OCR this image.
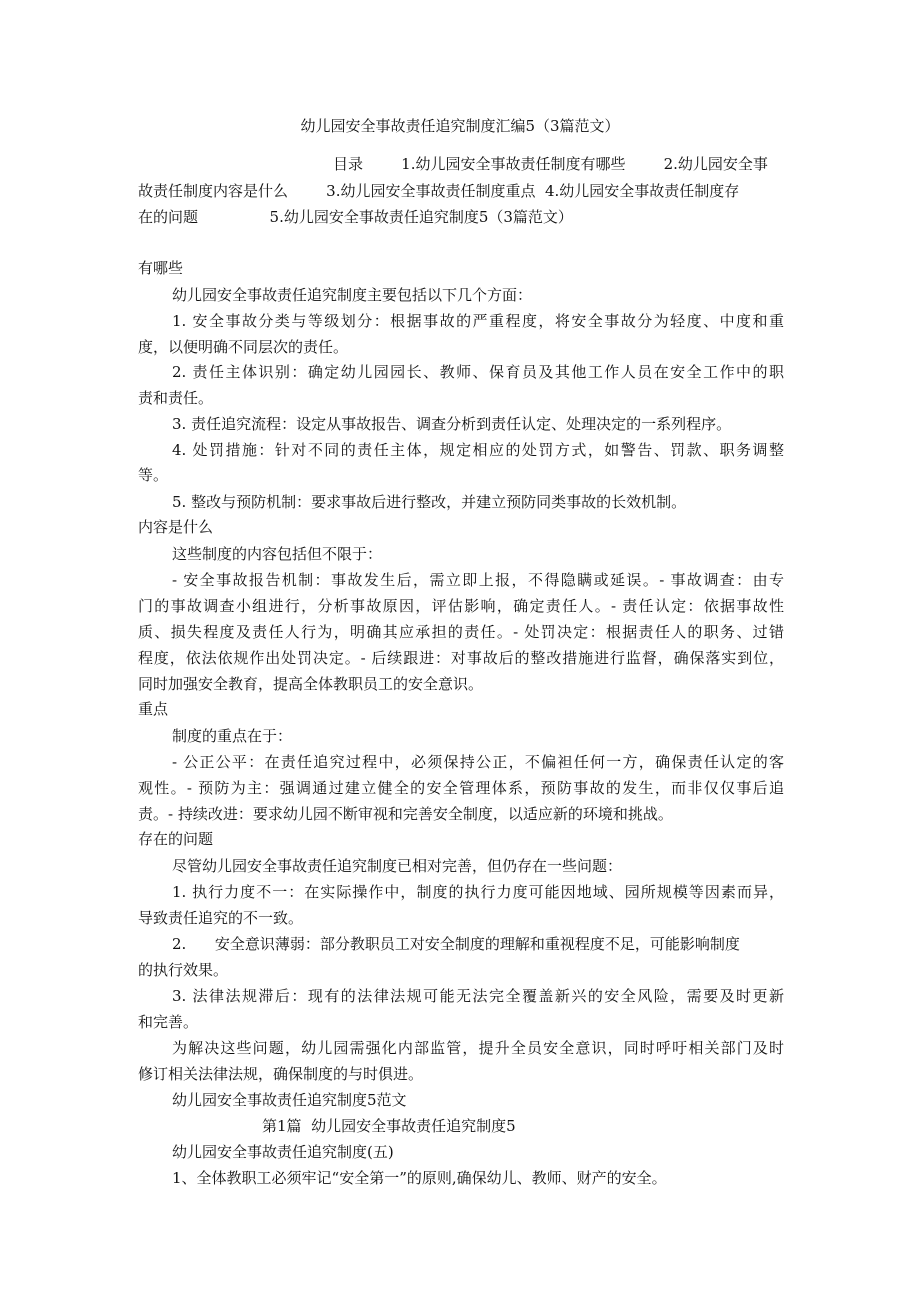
幼儿园安全事故责任追究制度汇编5（3篇范文）
目录        1.幼儿园安全事故责任制度有哪些        2.幼儿园安全事
故责任制度内容是什么        3.幼儿园安全事故责任制度重点  4.幼儿园安全事故责任制度存
在的问题               5.幼儿园安全事故责任追究制度5（3篇范文）
有哪些
幼儿园安全事故责任追究制度主要包括以下几个方面：
1. 安全事故分类与等级划分：根据事故的严重程度，将安全事故分为轻度、中度和重
度，以便明确不同层次的责任。
2. 责任主体识别：确定幼儿园园长、教师、保育员及其他工作人员在安全工作中的职
责和责任。
3. 责任追究流程：设定从事故报告、调查分析到责任认定、处理决定的一系列程序。
4. 处罚措施：针对不同的责任主体，规定相应的处罚方式，如警告、罚款、职务调整
等。
5. 整改与预防机制：要求事故后进行整改，并建立预防同类事故的长效机制。
内容是什么
这些制度的内容包括但不限于：
- 安全事故报告机制：事故发生后，需立即上报，不得隐瞒或延误。- 事故调查：由专
门的事故调查小组进行，分析事故原因，评估影响，确定责任人。- 责任认定：依据事故性
质、损失程度及责任人行为，明确其应承担的责任。- 处罚决定：根据责任人的职务、过错
程度，依法依规作出处罚决定。- 后续跟进：对事故后的整改措施进行监督，确保落实到位，
同时加强安全教育，提高全体教职员工的安全意识。
重点
制度的重点在于：
- 公正公平：在责任追究过程中，必须保持公正，不偏袒任何一方，确保责任认定的客
观性。- 预防为主：强调通过建立健全的安全管理体系，预防事故的发生，而非仅仅事后追
责。- 持续改进：要求幼儿园不断审视和完善安全制度，以适应新的环境和挑战。
存在的问题
尽管幼儿园安全事故责任追究制度已相对完善，但仍存在一些问题：
1. 执行力度不一：在实际操作中，制度的执行力度可能因地域、园所规模等因素而异，
导致责任追究的不一致。
2.      安全意识薄弱：部分教职员工对安全制度的理解和重视程度不足，可能影响制度
的执行效果。
3. 法律法规滞后：现有的法律法规可能无法完全覆盖新兴的安全风险，需要及时更新
和完善。
为解决这些问题，幼儿园需强化内部监管，提升全员安全意识，同时呼吁相关部门及时
修订相关法律法规，确保制度的与时俱进。
幼儿园安全事故责任追究制度5范文
第1篇  幼儿园安全事故责任追究制度5
幼儿园安全事故责任追究制度(五)
1、全体教职工必须牢记“安全第一”的原则,确保幼儿、教师、财产的安全。
